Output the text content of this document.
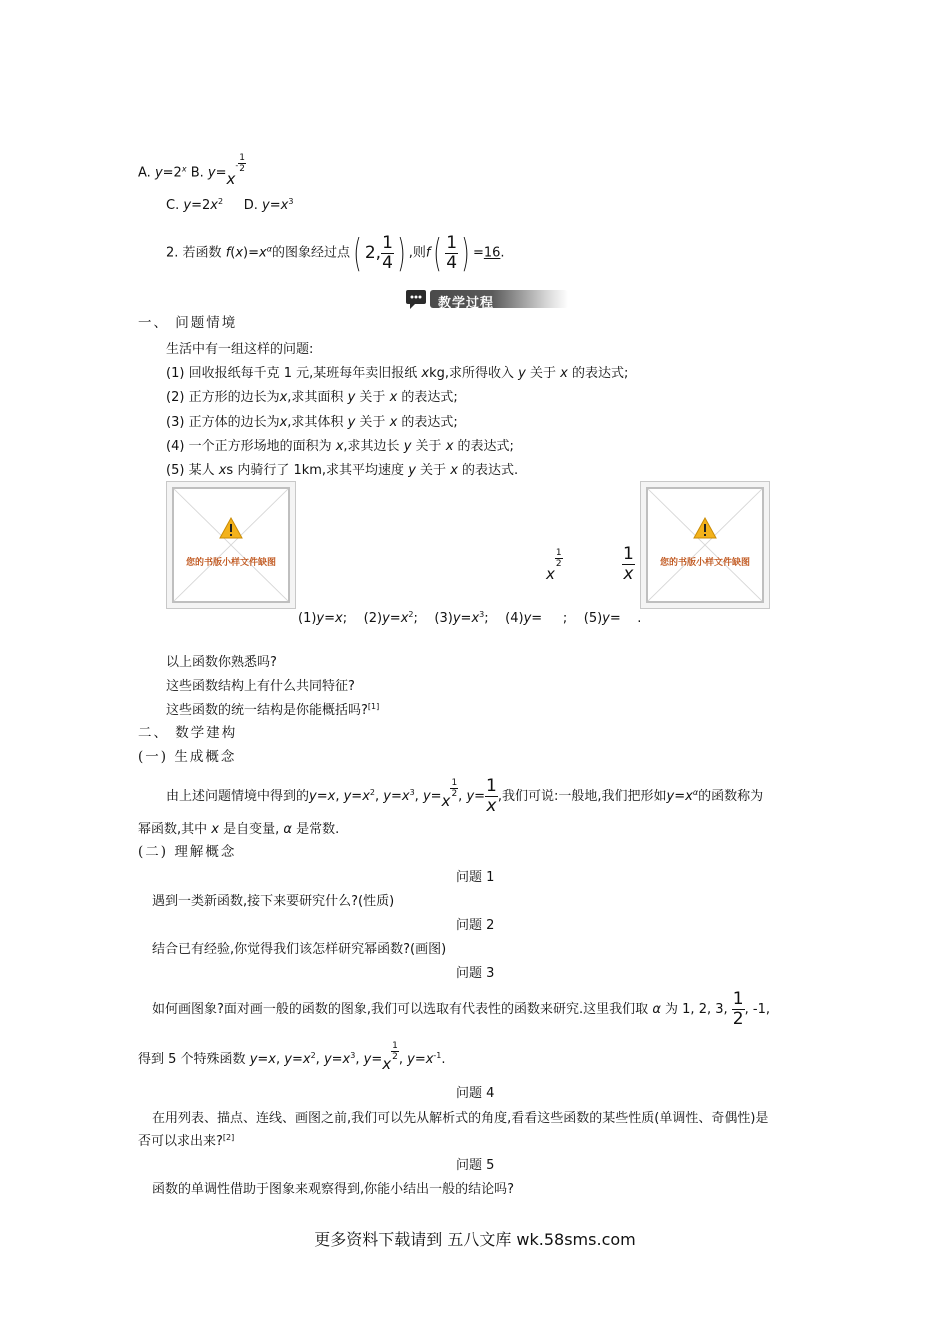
A. $y=2^x$ B. $y=x^- \frac{1}{2}$
C. $y=2x^2$ D. $y=x^3$
2. 若函数 $f(x)=x^\alpha$的图象经过点( 2, $\frac{1}{4}$ ) ,则$f( \frac{1}{4}$ ) =16.
教学过程
一、 问题情境
生活中有一组这样的问题:
(1) 回收报纸每千克 1 元,某班每年卖旧报纸 xkg,求所得收入 y 关于 x 的表达式;
(2) 正方形的边长为x,求其面积 y 关于 x 的表达式;
(3) 正方体的边长为x,求其体积 y 关于 x 的表达式;
(4) 一个正方形场地的面积为 x,求其边长 y 关于 x 的表达式;
(5) 某人 xs 内骑行了 1km,求其平均速度 y 关于 x 的表达式.
您的书版小样文件缺图	您的书版小样文件缺图
x
$\frac{1}{2}$	$\frac{1}{x}$
(1)y=x;    $(2)y=x^2$;    $(3)y=x^3$;    (4)y=     ;    (5)y=    .
以上函数你熟悉吗?
这些函数结构上有什么共同特征?
这些函数的统一结构是你能概括吗?[1]
二、 数学建构
(一) 生成概念
由上述问题情境中得到的y=x, $y=x^2$, $y=x^3$, y=x
$\frac{1}{2}$ , $y= \frac{1}{x}$ ,我们可说:一般地,我们把形如$y=x^\alpha$的函数称为
幂函数,其中 x 是自变量, α 是常数.
(二) 理解概念
问题 1
遇到一类新函数,接下来要研究什么?(性质)
问题 2
结合已有经验,你觉得我们该怎样研究幂函数?(画图)
问题 3
如何画图象?面对画一般的函数的图象,我们可以选取有代表性的函数来研究.这里我们取 α 为 1, 2, 3, $\frac{1}{2}$ , -1,
得到 5 个特殊函数 y=x, $y=x^2$, $y=x^3$, y=x
$\frac{1}{2}$ , $y=x^{-1}$.
问题 4
在用列表、描点、连线、画图之前,我们可以先从解析式的角度,看看这些函数的某些性质(单调性、奇偶性)是
否可以求出来?[2]
问题 5
函数的单调性借助于图象来观察得到,你能小结出一般的结论吗?
更多资料下载请到 五八文库 wk.58sms.com
